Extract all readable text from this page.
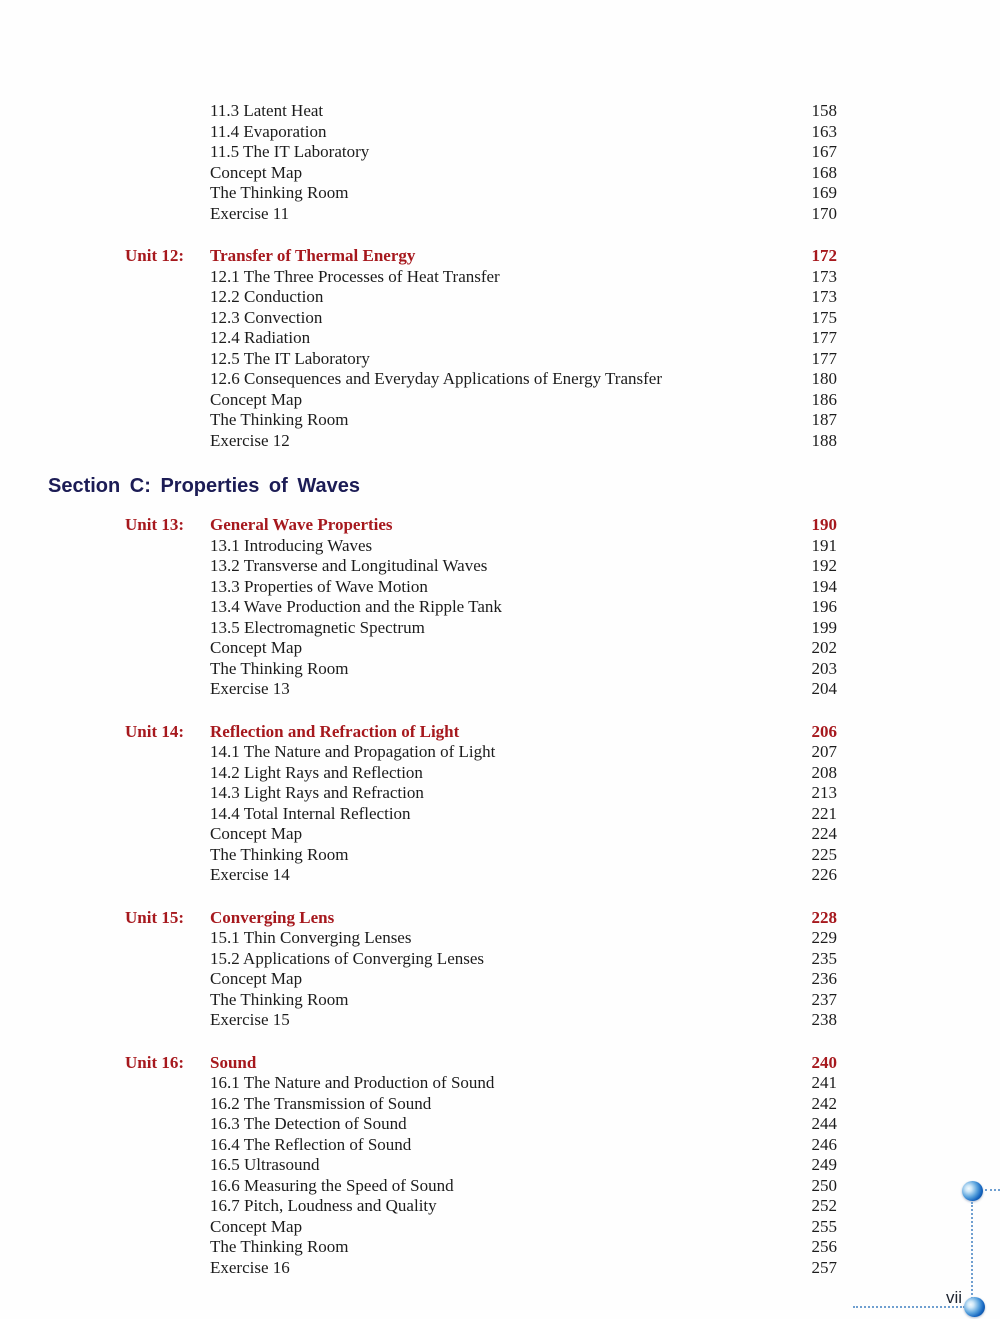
11.3 Latent Heat	158
11.4 Evaporation	163
11.5 The IT Laboratory	167
Concept Map	168
The Thinking Room	169
Exercise 11	170
Unit 12:	Transfer of Thermal Energy	172
12.1 The Three Processes of Heat Transfer	173
12.2 Conduction	173
12.3 Convection	175
12.4 Radiation	177
12.5 The IT Laboratory	177
12.6 Consequences and Everyday Applications of Energy Transfer	180
Concept Map	186
The Thinking Room	187
Exercise 12	188
Section C: Properties of Waves
Unit 13:	General Wave Properties	190
13.1 Introducing Waves	191
13.2 Transverse and Longitudinal Waves	192
13.3 Properties of Wave Motion	194
13.4 Wave Production and the Ripple Tank	196
13.5 Electromagnetic Spectrum	199
Concept Map	202
The Thinking Room	203
Exercise 13	204
Unit 14:	Reflection and Refraction of Light	206
14.1 The Nature and Propagation of Light	207
14.2 Light Rays and Reflection	208
14.3 Light Rays and Refraction	213
14.4 Total Internal Reflection	221
Concept Map	224
The Thinking Room	225
Exercise 14	226
Unit 15:	Converging Lens	228
15.1 Thin Converging Lenses	229
15.2 Applications of Converging Lenses	235
Concept Map	236
The Thinking Room	237
Exercise 15	238
Unit 16:	Sound	240
16.1 The Nature and Production of Sound	241
16.2 The Transmission of Sound	242
16.3 The Detection of Sound	244
16.4 The Reflection of Sound	246
16.5 Ultrasound	249
16.6 Measuring the Speed of Sound	250
16.7 Pitch, Loudness and Quality	252
Concept Map	255
The Thinking Room	256
Exercise 16	257
vii
